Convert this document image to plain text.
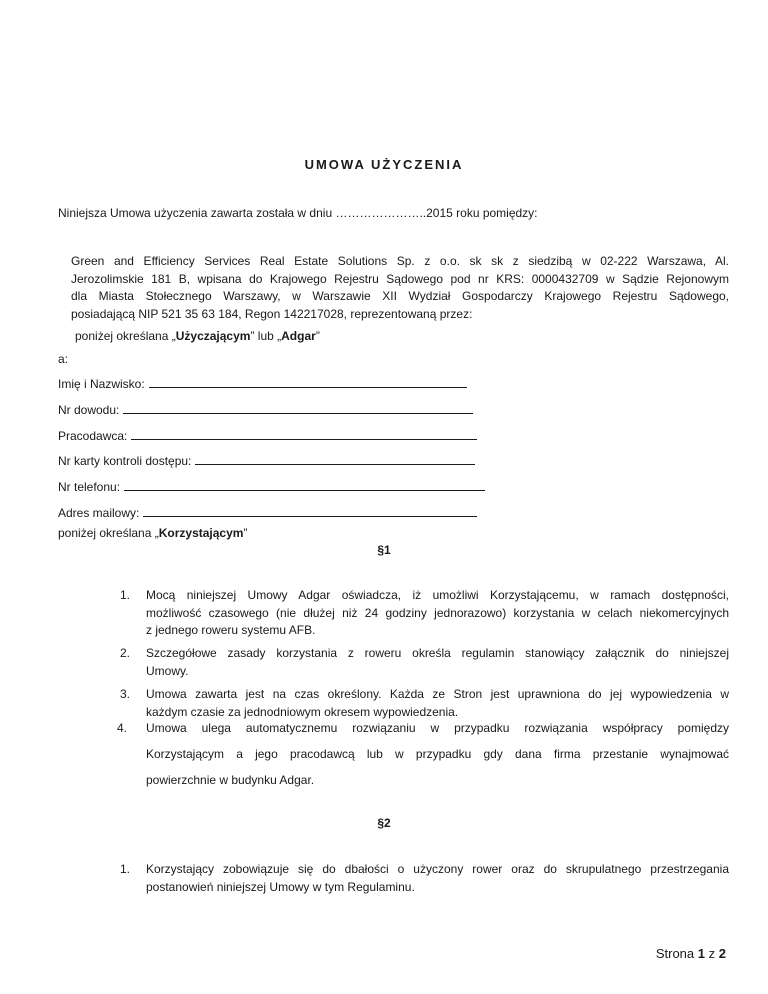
UMOWA UŻYCZENIA
Niniejsza Umowa użyczenia zawarta została w dniu …………………..2015 roku pomiędzy:
Green and Efficiency Services Real Estate Solutions Sp. z o.o. sk sk z siedzibą w 02-222 Warszawa, Al.
Jerozolimskie 181 B, wpisana do Krajowego Rejestru Sądowego pod nr KRS: 0000432709 w Sądzie Rejonowym
dla Miasta Stołecznego Warszawy, w Warszawie XII Wydział Gospodarczy Krajowego Rejestru Sądowego,
posiadającą NIP 521 35 63 184, Regon 142217028, reprezentowaną przez:
poniżej określana „Użyczającym” lub „Adgar”
a:
Imię i Nazwisko:
Nr dowodu:
Pracodawca:
Nr karty kontroli dostępu:
Nr telefonu:
Adres mailowy:
poniżej określana „Korzystającym”
§1
1. Mocą niniejszej Umowy Adgar oświadcza, iż umożliwi Korzystającemu, w ramach dostępności,
możliwość czasowego (nie dłużej niż 24 godziny jednorazowo) korzystania w celach niekomercyjnych
z jednego roweru systemu AFB.
2. Szczegółowe zasady korzystania z roweru określa regulamin stanowiący załącznik do niniejszej
Umowy.
3. Umowa zawarta jest na czas określony. Każda ze Stron jest uprawniona do jej wypowiedzenia w
każdym czasie za jednodniowym okresem wypowiedzenia.
4. Umowa ulega automatycznemu rozwiązaniu w przypadku rozwiązania współpracy pomiędzy
Korzystającym a jego pracodawcą lub w przypadku gdy dana firma przestanie wynajmować
powierzchnie w budynku Adgar.
§2
1. Korzystający zobowiązuje się do dbałości o użyczony rower oraz do skrupulatnego przestrzegania
postanowień niniejszej Umowy w tym Regulaminu.
Strona 1 z 2
